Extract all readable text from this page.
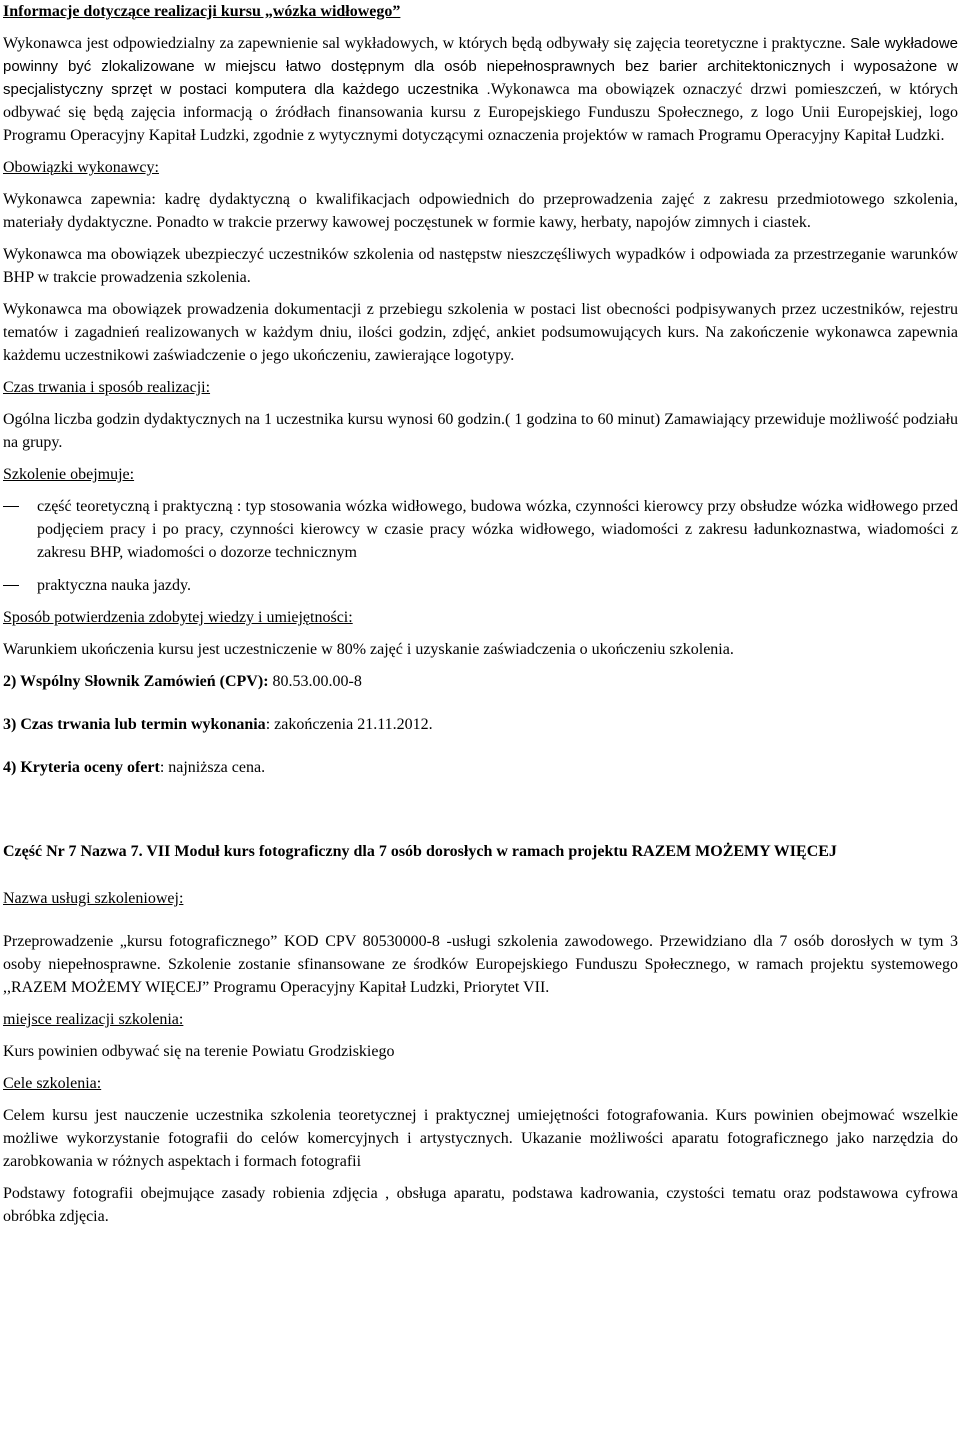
Informacje dotyczące realizacji kursu „wózka widłowego”

Wykonawca jest odpowiedzialny za zapewnienie sal wykładowych, w których będą odbywały się zajęcia teoretyczne i praktyczne. Sale wykładowe powinny być zlokalizowane w miejscu łatwo dostępnym dla osób niepełnosprawnych bez barier architektonicznych i wyposażone w specjalistyczny sprzęt w postaci komputera dla każdego uczestnika .Wykonawca ma obowiązek oznaczyć drzwi pomieszczeń, w których odbywać się będą zajęcia informacją o źródłach finansowania kursu z Europejskiego Funduszu Społecznego, z logo Unii Europejskiej, logo Programu Operacyjny Kapitał Ludzki, zgodnie z wytycznymi dotyczącymi oznaczenia projektów w ramach Programu Operacyjny Kapitał Ludzki.

Obowiązki wykonawcy:

Wykonawca zapewnia: kadrę dydaktyczną o kwalifikacjach odpowiednich do przeprowadzenia zajęć z zakresu przedmiotowego szkolenia, materiały dydaktyczne. Ponadto w trakcie przerwy kawowej poczęstunek w formie kawy, herbaty, napojów zimnych i ciastek.

Wykonawca ma obowiązek ubezpieczyć uczestników szkolenia od następstw nieszczęśliwych wypadków i odpowiada za przestrzeganie warunków BHP w trakcie prowadzenia szkolenia.

Wykonawca ma obowiązek prowadzenia dokumentacji z przebiegu szkolenia w postaci list obecności podpisywanych przez uczestników, rejestru tematów i zagadnień realizowanych w każdym dniu, ilości godzin, zdjęć, ankiet podsumowujących kurs. Na zakończenie wykonawca zapewnia każdemu uczestnikowi zaświadczenie o jego ukończeniu, zawierające logotypy.

Czas trwania i sposób realizacji:

Ogólna liczba godzin dydaktycznych na 1 uczestnika kursu wynosi 60 godzin.( 1 godzina to 60 minut) Zamawiający przewiduje możliwość podziału na grupy.

Szkolenie obejmuje:

część teoretyczną i praktyczną : typ stosowania wózka widłowego, budowa wózka, czynności kierowcy przy obsłudze wózka widłowego przed podjęciem pracy i po pracy, czynności kierowcy w czasie pracy wózka widłowego, wiadomości z zakresu ładunkoznastwa, wiadomości z zakresu BHP, wiadomości o dozorze technicznym
praktyczna nauka jazdy.

Sposób potwierdzenia zdobytej wiedzy i umiejętności:

Warunkiem ukończenia kursu jest uczestniczenie w 80% zajęć i uzyskanie zaświadczenia o ukończeniu szkolenia.

2) Wspólny Słownik Zamówień (CPV): 80.53.00.00-8

3) Czas trwania lub termin wykonania: zakończenia 21.11.2012.

4) Kryteria oceny ofert: najniższa cena.

Część Nr 7 Nazwa 7. VII Moduł kurs fotograficzny dla 7 osób dorosłych w ramach projektu RAZEM MOŻEMY WIĘCEJ

Nazwa usługi szkoleniowej:

Przeprowadzenie „kursu fotograficznego” KOD CPV 80530000-8 -usługi szkolenia zawodowego. Przewidziano dla 7 osób dorosłych w tym 3 osoby niepełnosprawne. Szkolenie zostanie sfinansowane ze środków Europejskiego Funduszu Społecznego, w ramach projektu systemowego ,,RAZEM MOŻEMY WIĘCEJ” Programu Operacyjny Kapitał Ludzki, Priorytet VII.

miejsce realizacji szkolenia:

Kurs powinien odbywać się na terenie Powiatu Grodziskiego

Cele szkolenia:

Celem kursu jest nauczenie uczestnika szkolenia teoretycznej i praktycznej umiejętności fotografowania. Kurs powinien obejmować wszelkie możliwe wykorzystanie fotografii do celów komercyjnych i artystycznych. Ukazanie możliwości aparatu fotograficznego jako narzędzia do zarobkowania w różnych aspektach i formach fotografii

Podstawy fotografii obejmujące zasady robienia zdjęcia , obsługa aparatu, podstawa kadrowania, czystości tematu oraz podstawowa cyfrowa obróbka zdjęcia.
